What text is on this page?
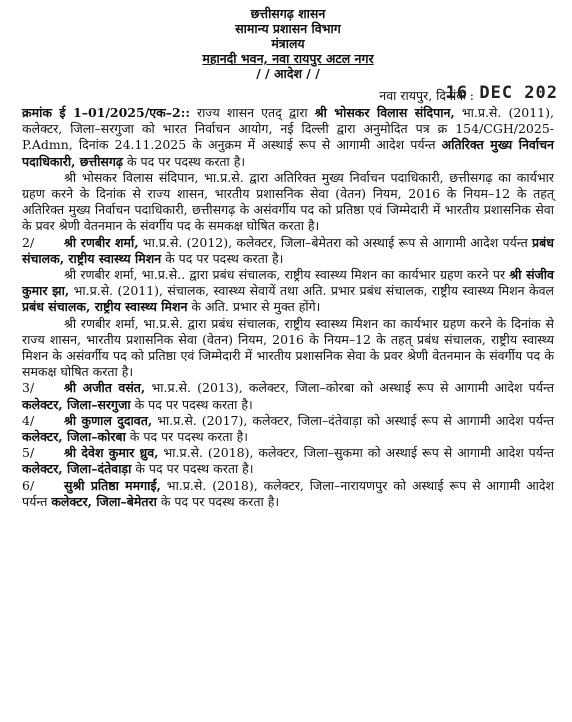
छत्तीसगढ़ शासन
सामान्य प्रशासन विभाग
मंत्रालय
महानदी भवन, नवा रायपुर अटल नगर
/ / आदेश / /
नवा रायपुर, दिनांक :
16 DEC 202

क्रमांक ई 1–01/2025/एक–2:: राज्य शासन एतद् द्वारा श्री भोसकर विलास संदिपान, भा.प्र.से. (2011), कलेक्टर, जिला–सरगुजा को भारत निर्वाचन आयोग, नई दिल्ली द्वारा अनुमोदित पत्र क्र 154/CGH/2025-P.Admn, दिनांक 24.11.2025 के अनुक्रम में अस्थाई रूप से आगामी आदेश पर्यन्त अतिरिक्त मुख्य निर्वाचन पदाधिकारी, छत्तीसगढ़ के पद पर पदस्थ करता है।

श्री भोसकर विलास संदिपान, भा.प्र.से. द्वारा अतिरिक्त मुख्य निर्वाचन पदाधिकारी, छत्तीसगढ़ का कार्यभार ग्रहण करने के दिनांक से राज्य शासन, भारतीय प्रशासनिक सेवा (वेतन) नियम, 2016 के नियम–12 के तहत् अतिरिक्त मुख्य निर्वाचन पदाधिकारी, छत्तीसगढ़ के असंवर्गीय पद को प्रतिष्ठा एवं जिम्मेदारी में भारतीय प्रशासनिक सेवा के प्रवर श्रेणी वेतनमान के संवर्गीय पद के समकक्ष घोषित करता है।

2/ श्री रणबीर शर्मा, भा.प्र.से. (2012), कलेक्टर, जिला–बेमेतरा को अस्थाई रूप से आगामी आदेश पर्यन्त प्रबंध संचालक, राष्ट्रीय स्वास्थ्य मिशन के पद पर पदस्थ करता है।

श्री रणबीर शर्मा, भा.प्र.से.. द्वारा प्रबंध संचालक, राष्ट्रीय स्वास्थ्य मिशन का कार्यभार ग्रहण करने पर श्री संजीव कुमार झा, भा.प्र.से. (2011), संचालक, स्वास्थ्य सेवायें तथा अति. प्रभार प्रबंध संचालक, राष्ट्रीय स्वास्थ्य मिशन केवल प्रबंध संचालक, राष्ट्रीय स्वास्थ्य मिशन के अति. प्रभार से मुक्त होंगे।

श्री रणबीर शर्मा, भा.प्र.से. द्वारा प्रबंध संचालक, राष्ट्रीय स्वास्थ्य मिशन का कार्यभार ग्रहण करने के दिनांक से राज्य शासन, भारतीय प्रशासनिक सेवा (वेतन) नियम, 2016 के नियम–12 के तहत् प्रबंध संचालक, राष्ट्रीय स्वास्थ्य मिशन के असंवर्गीय पद को प्रतिष्ठा एवं जिम्मेदारी में भारतीय प्रशासनिक सेवा के प्रवर श्रेणी वेतनमान के संवर्गीय पद के समकक्ष घोषित करता है।

3/ श्री अजीत वसंत, भा.प्र.से. (2013), कलेक्टर, जिला–कोरबा को अस्थाई रूप से आगामी आदेश पर्यन्त कलेक्टर, जिला–सरगुजा के पद पर पदस्थ करता है।

4/ श्री कुणाल दुदावत, भा.प्र.से. (2017), कलेक्टर, जिला–दंतेवाड़ा को अस्थाई रूप से आगामी आदेश पर्यन्त कलेक्टर, जिला–कोरबा के पद पर पदस्थ करता है।

5/ श्री देवेश कुमार ध्रुव, भा.प्र.से. (2018), कलेक्टर, जिला–सुकमा को अस्थाई रूप से आगामी आदेश पर्यन्त कलेक्टर, जिला–दंतेवाड़ा के पद पर पदस्थ करता है।

6/ सुश्री प्रतिष्ठा ममगाईं, भा.प्र.से. (2018), कलेक्टर, जिला–नारायणपुर को अस्थाई रूप से आगामी आदेश पर्यन्त कलेक्टर, जिला–बेमेतरा के पद पर पदस्थ करता है।
